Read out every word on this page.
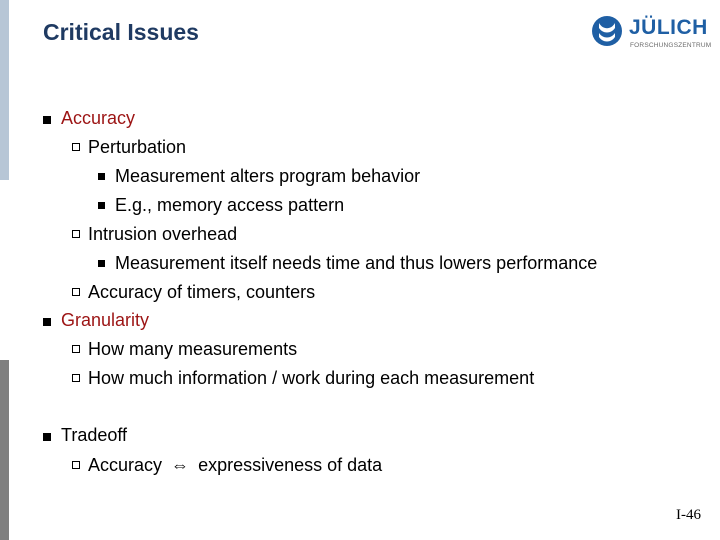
Critical Issues	JÜLICH
FORSCHUNGSZENTRUM
Accuracy
Perturbation
Measurement alters program behavior
E.g., memory access pattern
Intrusion overhead
Measurement itself needs time and thus lowers performance
Accuracy of timers, counters
Granularity
How many measurements
How much information / work during each measurement
Tradeoff
Accuracy ⇔ expressiveness of data
I-46
